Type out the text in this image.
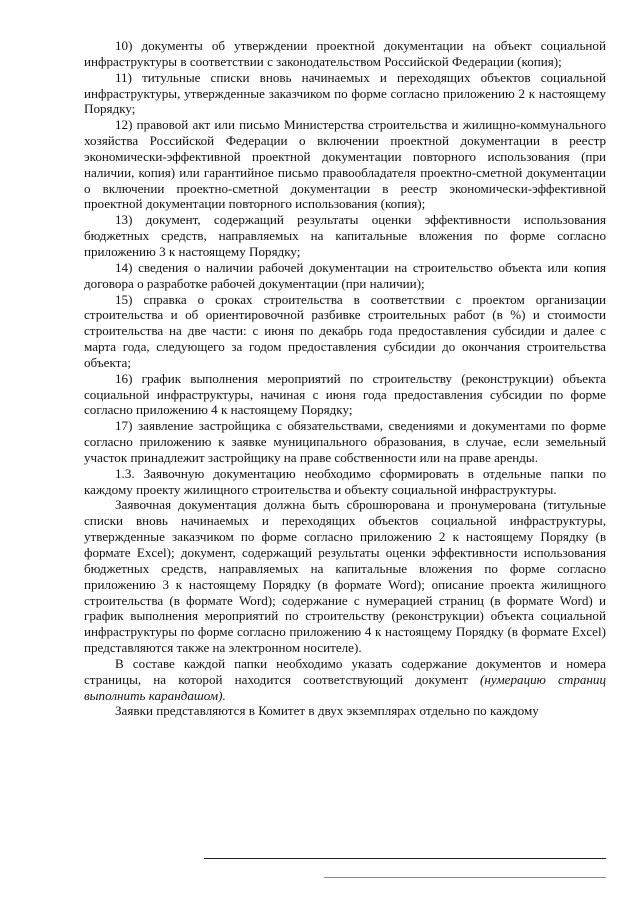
10) документы об утверждении проектной документации на объект социальной инфраструктуры в соответствии с законодательством Российской Федерации (копия);

11) титульные списки вновь начинаемых и переходящих объектов социальной инфраструктуры, утвержденные заказчиком по форме согласно приложению 2 к настоящему Порядку;

12) правовой акт или письмо Министерства строительства и жилищно-коммунального хозяйства Российской Федерации о включении проектной документации в реестр экономически-эффективной проектной документации повторного использования (при наличии, копия) или гарантийное письмо правообладателя проектно-сметной документации о включении проектно-сметной документации в реестр экономически-эффективной проектной документации повторного использования (копия);

13) документ, содержащий результаты оценки эффективности использования бюджетных средств, направляемых на капитальные вложения по форме согласно приложению 3 к настоящему Порядку;

14) сведения о наличии рабочей документации на строительство объекта или копия договора о разработке рабочей документации (при наличии);

15) справка о сроках строительства в соответствии с проектом организации строительства и об ориентировочной разбивке строительных работ (в %) и стоимости строительства на две части: с июня по декабрь года предоставления субсидии и далее с марта года, следующего за годом предоставления субсидии до окончания строительства объекта;

16) график выполнения мероприятий по строительству (реконструкции) объекта социальной инфраструктуры, начиная с июня года предоставления субсидии по форме согласно приложению 4 к настоящему Порядку;

17) заявление застройщика с обязательствами, сведениями и документами по форме согласно приложению к заявке муниципального образования, в случае, если земельный участок принадлежит застройщику на праве собственности или на праве аренды.

1.3. Заявочную документацию необходимо сформировать в отдельные папки по каждому проекту жилищного строительства и объекту социальной инфраструктуры.

Заявочная документация должна быть сброшюрована и пронумерована (титульные списки вновь начинаемых и переходящих объектов социальной инфраструктуры, утвержденные заказчиком по форме согласно приложению 2 к настоящему Порядку (в формате Excel); документ, содержащий результаты оценки эффективности использования бюджетных средств, направляемых на капитальные вложения по форме согласно приложению 3 к настоящему Порядку (в формате Word); описание проекта жилищного строительства (в формате Word); содержание с нумерацией страниц (в формате Word) и график выполнения мероприятий по строительству (реконструкции) объекта социальной инфраструктуры по форме согласно приложению 4 к настоящему Порядку (в формате Excel) представляются также на электронном носителе).

В составе каждой папки необходимо указать содержание документов и номера страницы, на которой находится соответствующий документ (нумерацию страниц выполнить карандашом).

Заявки представляются в Комитет в двух экземплярах отдельно по каждому
